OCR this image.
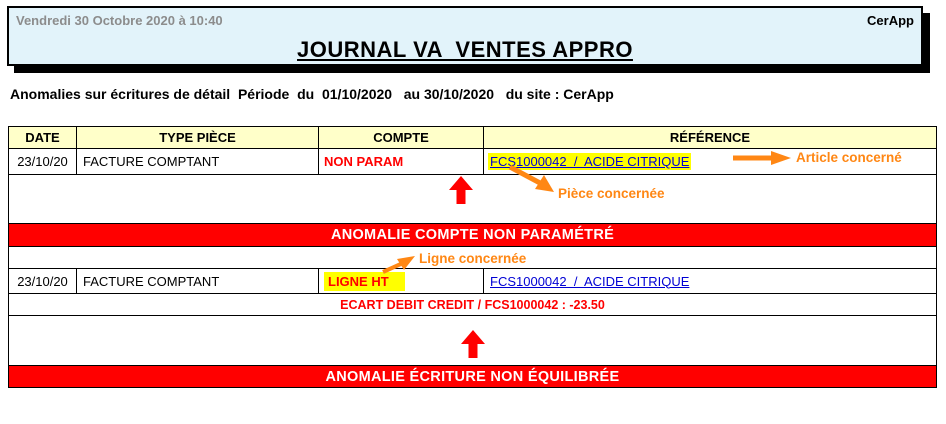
Vendredi 30 Octobre 2020 à 10:40	CerApp
JOURNAL VA  VENTES APPRO
Anomalies sur écritures de détail  Période  du  01/10/2020   au 30/10/2020   du site : CerApp
DATE	TYPE PIÈCE	COMPTE	RÉFÉRENCE
23/10/20	FACTURE COMPTANT	NON PARAM	FCS1000042  /  ACIDE CITRIQUE
ANOMALIE COMPTE NON PARAMÉTRÉ
23/10/20	FACTURE COMPTANT	LIGNE HT	FCS1000042  /  ACIDE CITRIQUE
ECART DEBIT CREDIT / FCS1000042 : -23.50
ANOMALIE ÉCRITURE NON ÉQUILIBRÉE
Article concerné
Pièce concernée
Ligne concernée
